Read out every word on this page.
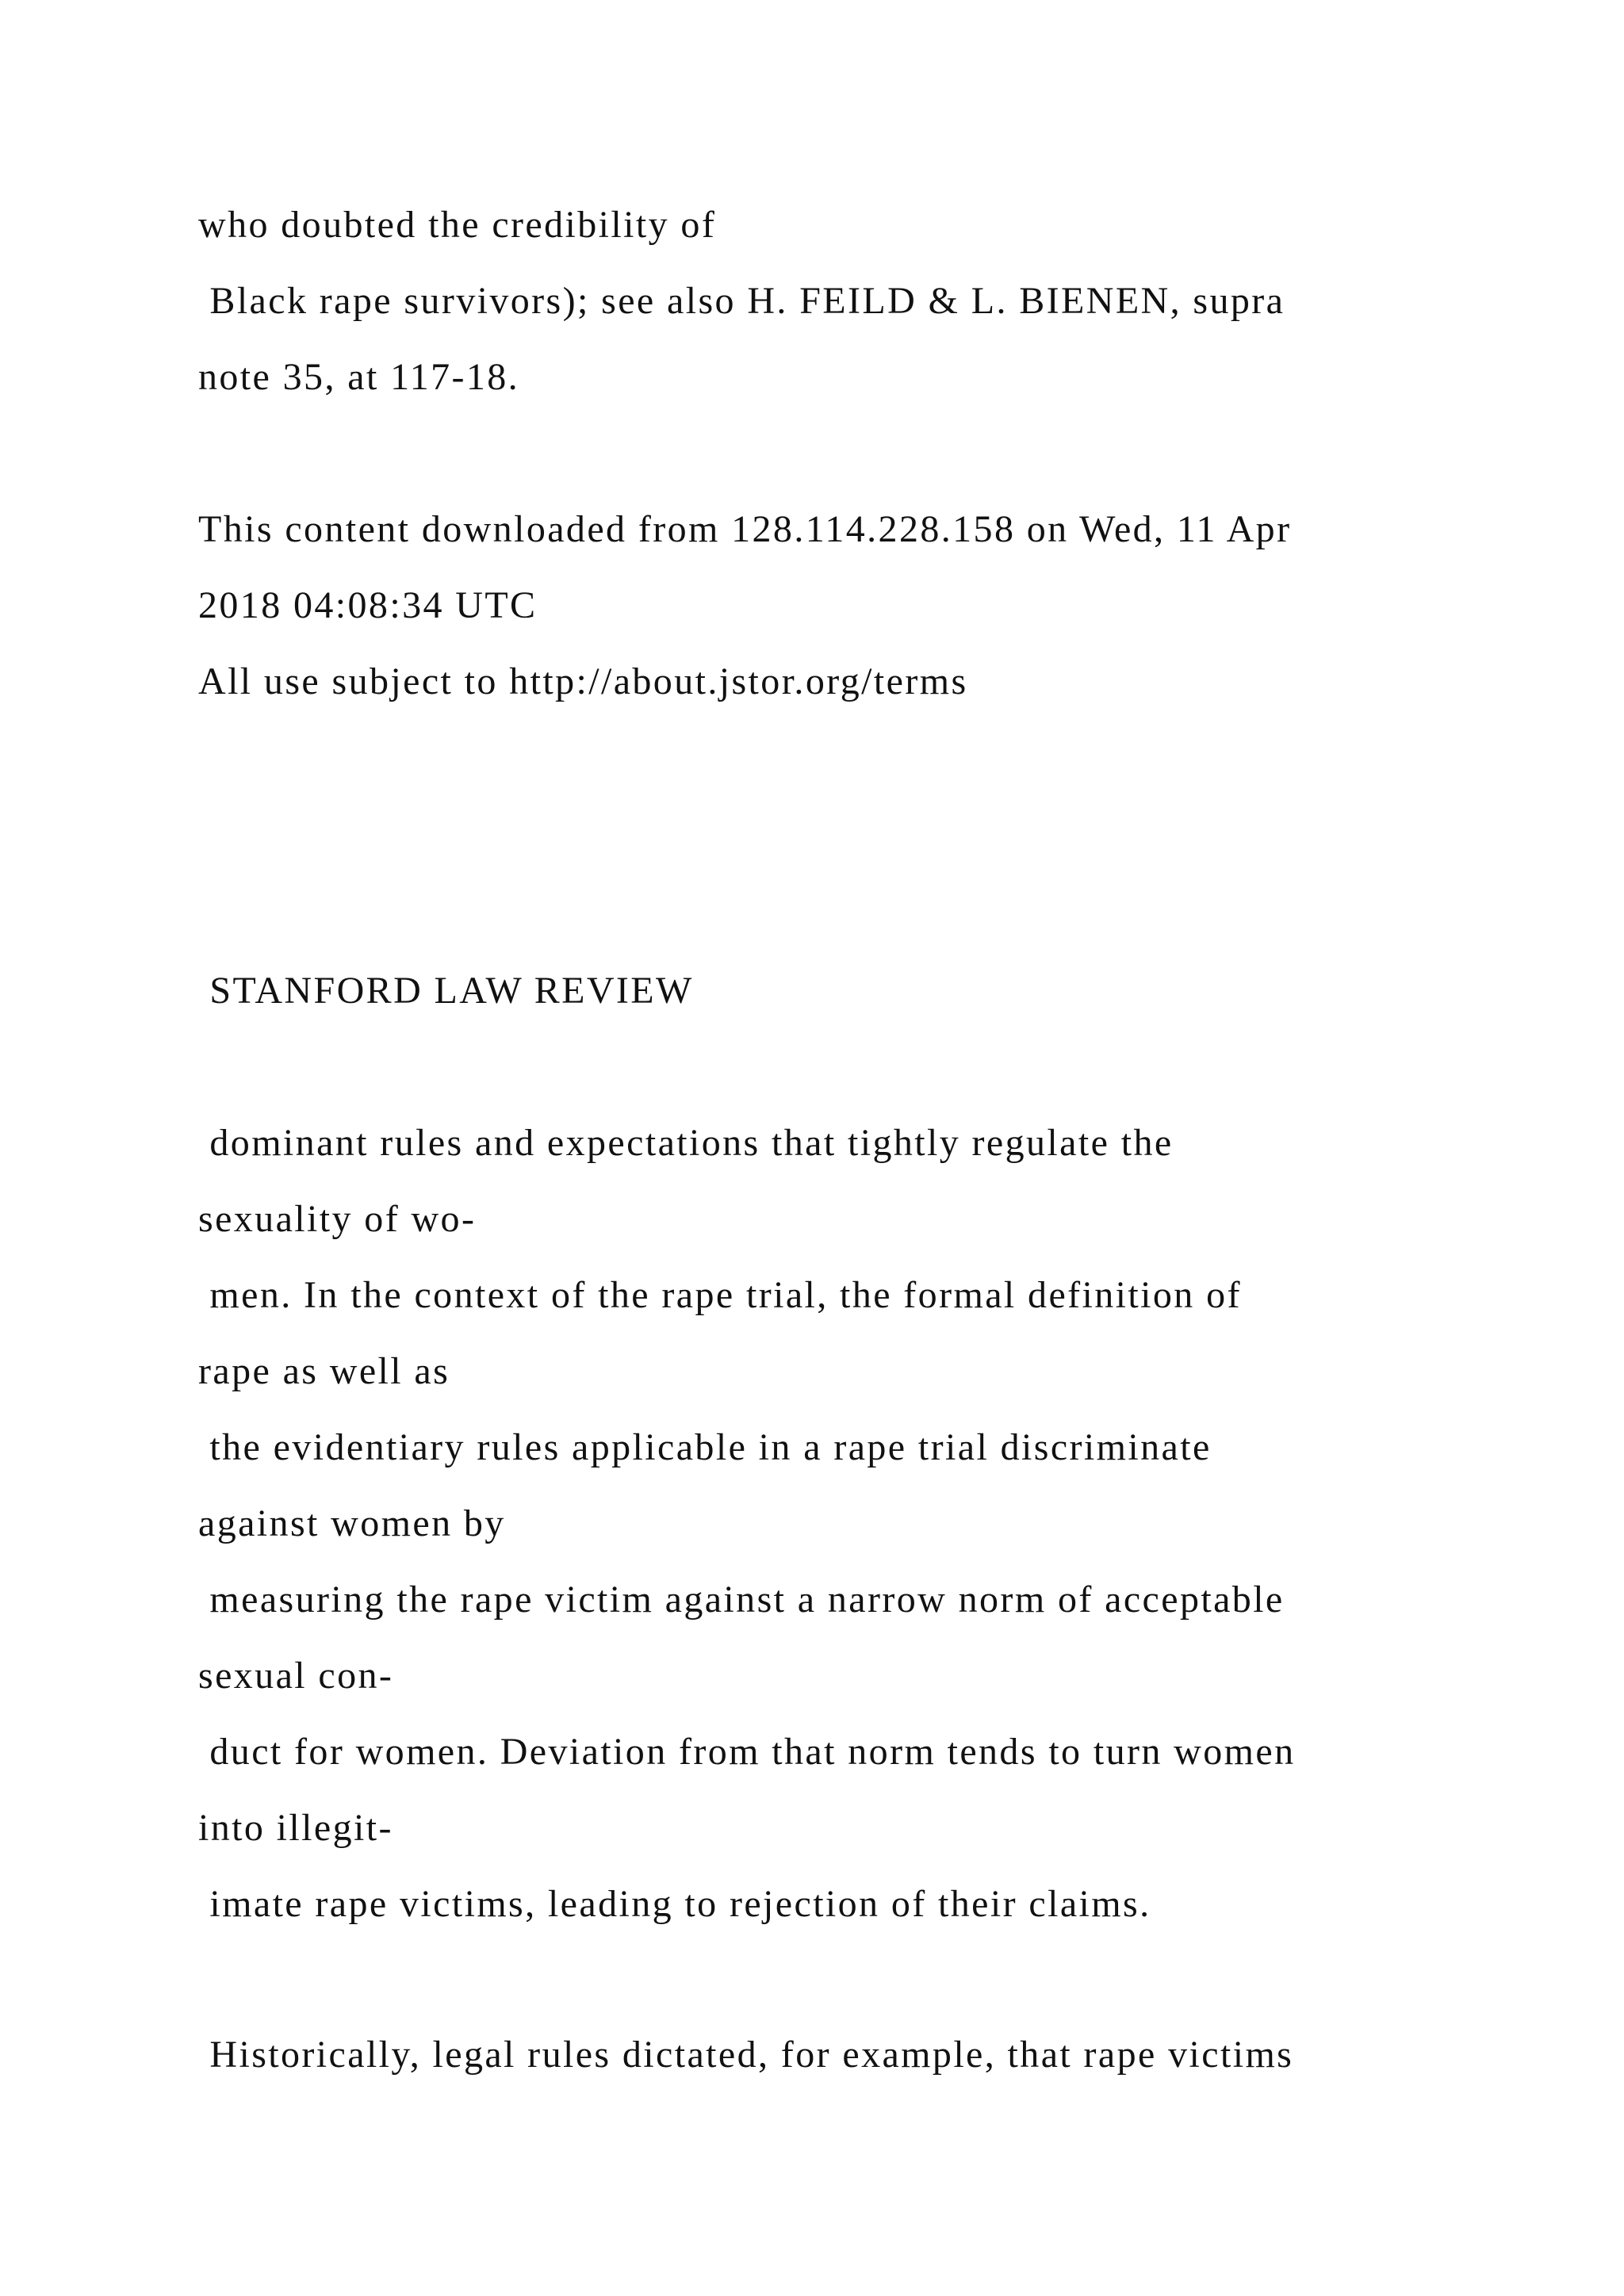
who doubted the credibility of

Black rape survivors); see also H. FEILD & L. BIENEN, supra

note 35, at 117-18.

This content downloaded from 128.114.228.158 on Wed, 11 Apr

2018 04:08:34 UTC

All use subject to http://about.jstor.org/terms

STANFORD LAW REVIEW

dominant rules and expectations that tightly regulate the

sexuality of wo-

men. In the context of the rape trial, the formal definition of

rape as well as

the evidentiary rules applicable in a rape trial discriminate

against women by

measuring the rape victim against a narrow norm of acceptable

sexual con-

duct for women. Deviation from that norm tends to turn women

into illegit-

imate rape victims, leading to rejection of their claims.

Historically, legal rules dictated, for example, that rape victims
